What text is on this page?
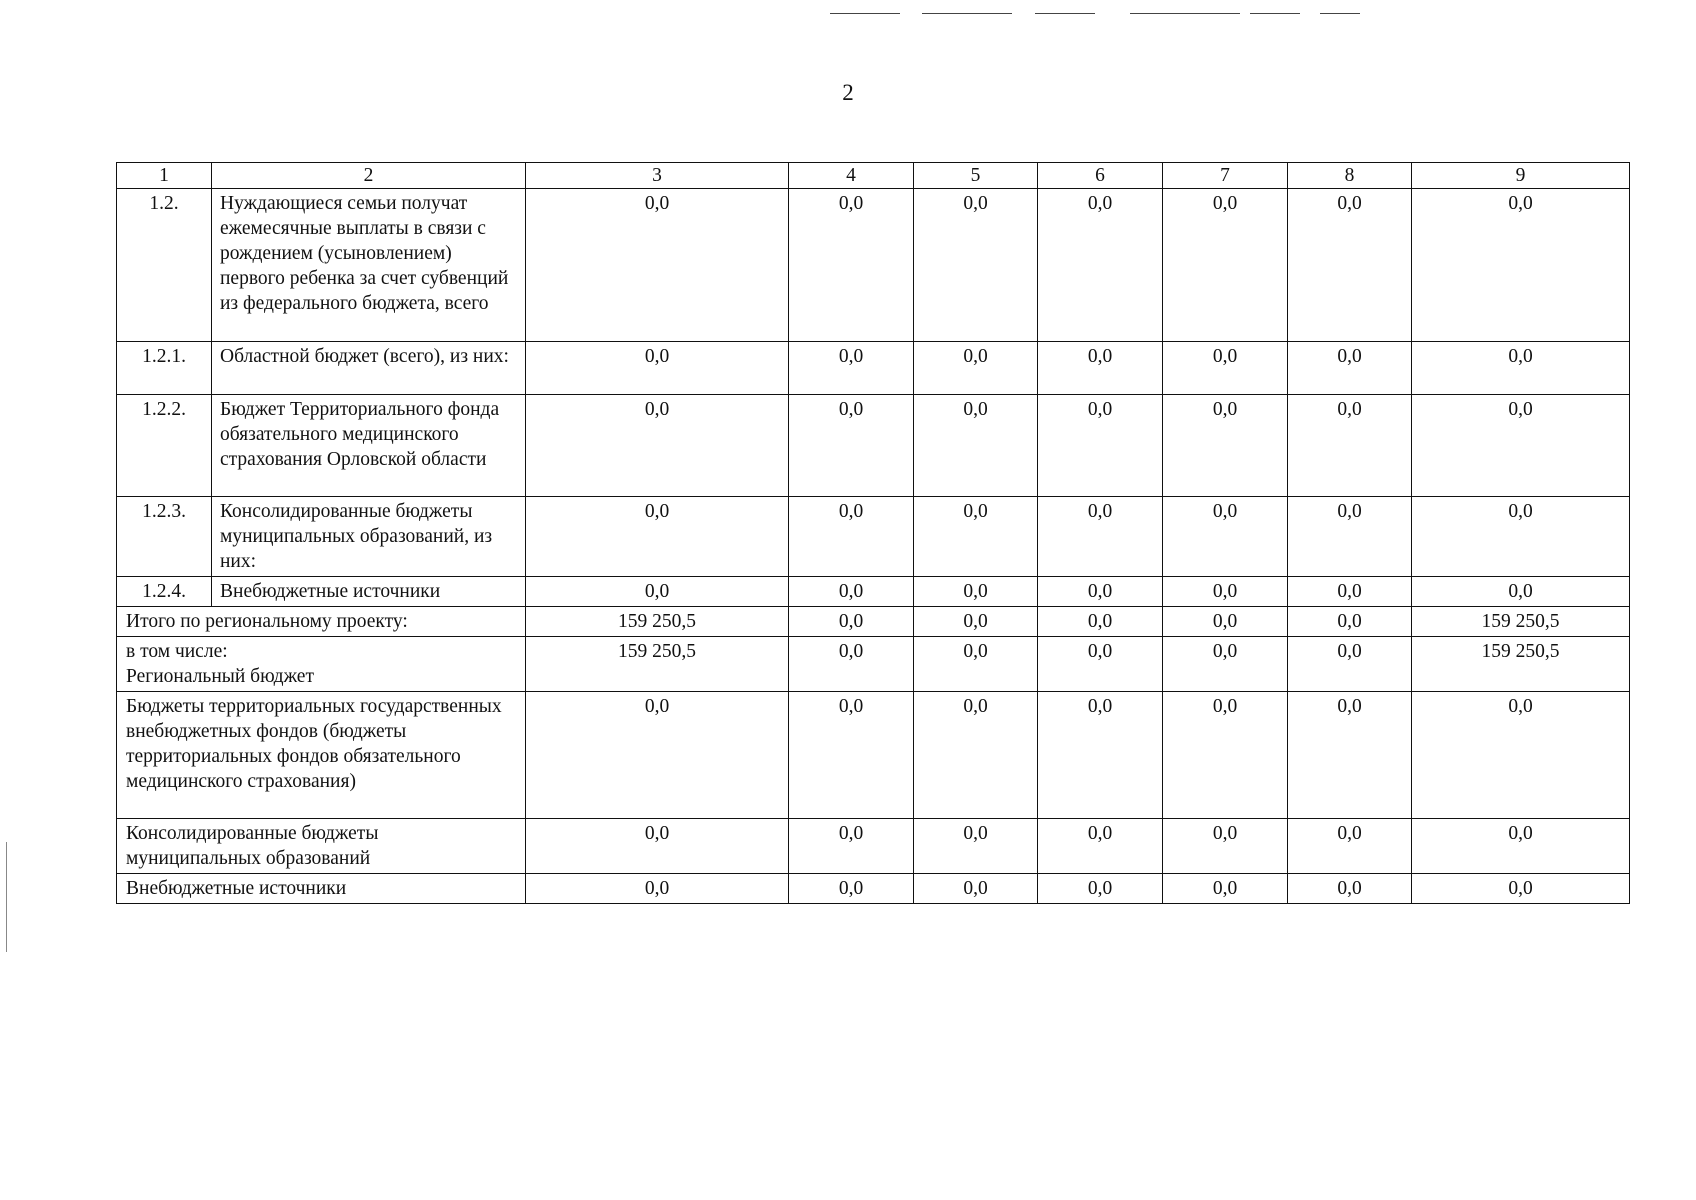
2
1	2	3	4	5	6	7	8	9
1.2.	Нуждающиеся семьи получат ежемесячные выплаты в связи с рождением (усыновлением) первого ребенка за счет субвенций из федерального бюджета, всего	0,0	0,0	0,0	0,0	0,0	0,0	0,0
1.2.1.	Областной бюджет (всего), из них:	0,0	0,0	0,0	0,0	0,0	0,0	0,0
1.2.2.	Бюджет Территориального фонда обязательного медицинского страхования Орловской области	0,0	0,0	0,0	0,0	0,0	0,0	0,0
1.2.3.	Консолидированные бюджеты муниципальных образований, из них:	0,0	0,0	0,0	0,0	0,0	0,0	0,0
1.2.4.	Внебюджетные источники	0,0	0,0	0,0	0,0	0,0	0,0	0,0
Итого по региональному проекту:		159 250,5	0,0	0,0	0,0	0,0	0,0	159 250,5

в том числе:
Региональный бюджет		159 250,5	0,0	0,0	0,0	0,0	0,0	159 250,5
Бюджеты территориальных государственных внебюджетных фондов (бюджеты территориальных фондов обязательного медицинского страхования)		0,0	0,0	0,0	0,0	0,0	0,0	0,0
Консолидированные бюджеты муниципальных образований		0,0	0,0	0,0	0,0	0,0	0,0	0,0
Внебюджетные источники		0,0	0,0	0,0	0,0	0,0	0,0	0,0
